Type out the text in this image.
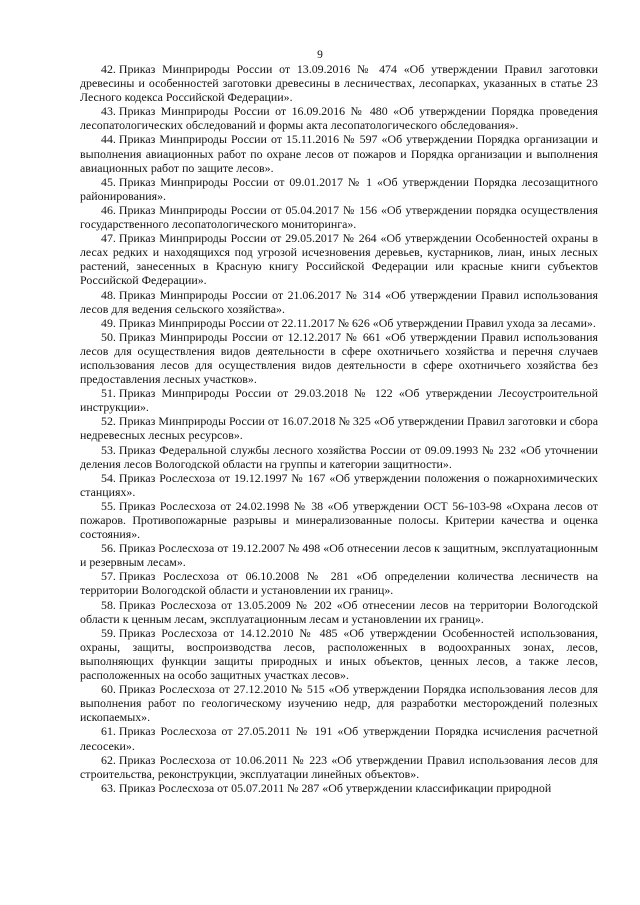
9

42. Приказ Минприроды России от 13.09.2016 № 474 «Об утверждении Правил заготовки древесины и особенностей заготовки древесины в лесничествах, лесопарках, указанных в статье 23 Лесного кодекса Российской Федерации».

43. Приказ Минприроды России от 16.09.2016 № 480 «Об утверждении Порядка проведения лесопатологических обследований и формы акта лесопатологического обследования».

44. Приказ Минприроды России от 15.11.2016 № 597 «Об утверждении Порядка организации и выполнения авиационных работ по охране лесов от пожаров и Порядка организации и выполнения авиационных работ по защите лесов».

45. Приказ Минприроды России от 09.01.2017 № 1 «Об утверждении Порядка лесозащитного районирования».

46. Приказ Минприроды России от 05.04.2017 № 156 «Об утверждении порядка осуществления государственного лесопатологического мониторинга».

47. Приказ Минприроды России от 29.05.2017 № 264 «Об утверждении Особенностей охраны в лесах редких и находящихся под угрозой исчезновения деревьев, кустарников, лиан, иных лесных растений, занесенных в Красную книгу Российской Федерации или красные книги субъектов Российской Федерации».

48. Приказ Минприроды России от 21.06.2017 № 314 «Об утверждении Правил использования лесов для ведения сельского хозяйства».

49. Приказ Минприроды России от 22.11.2017 № 626 «Об утверждении Правил ухода за лесами».

50. Приказ Минприроды России от 12.12.2017 № 661 «Об утверждении Правил использования лесов для осуществления видов деятельности в сфере охотничьего хозяйства и перечня случаев использования лесов для осуществления видов деятельности в сфере охотничьего хозяйства без предоставления лесных участков».

51. Приказ Минприроды России от 29.03.2018 № 122 «Об утверждении Лесоустроительной инструкции».

52. Приказ Минприроды России от 16.07.2018 № 325 «Об утверждении Правил заготовки и сбора недревесных лесных ресурсов».

53. Приказ Федеральной службы лесного хозяйства России от 09.09.1993 № 232 «Об уточнении деления лесов Вологодской области на группы и категории защитности».

54. Приказ Рослесхоза от 19.12.1997 № 167 «Об утверждении положения о пожарнохимических станциях».

55. Приказ Рослесхоза от 24.02.1998 № 38 «Об утверждении ОСТ 56-103-98 «Охрана лесов от пожаров. Противопожарные разрывы и минерализованные полосы. Критерии качества и оценка состояния».

56. Приказ Рослесхоза от 19.12.2007 № 498 «Об отнесении лесов к защитным, эксплуатационным и резервным лесам».

57. Приказ Рослесхоза от 06.10.2008 № 281 «Об определении количества лесничеств на территории Вологодской области и установлении их границ».

58. Приказ Рослесхоза от 13.05.2009 № 202 «Об отнесении лесов на территории Вологодской области к ценным лесам, эксплуатационным лесам и установлении их границ».

59. Приказ Рослесхоза от 14.12.2010 № 485 «Об утверждении Особенностей использования, охраны, защиты, воспроизводства лесов, расположенных в водоохранных зонах, лесов, выполняющих функции защиты природных и иных объектов, ценных лесов, а также лесов, расположенных на особо защитных участках лесов».

60. Приказ Рослесхоза от 27.12.2010 № 515 «Об утверждении Порядка использования лесов для выполнения работ по геологическому изучению недр, для разработки месторождений полезных ископаемых».

61. Приказ Рослесхоза от 27.05.2011 № 191 «Об утверждении Порядка исчисления расчетной лесосеки».

62. Приказ Рослесхоза от 10.06.2011 № 223 «Об утверждении Правил использования лесов для строительства, реконструкции, эксплуатации линейных объектов».

63. Приказ Рослесхоза от 05.07.2011 № 287 «Об утверждении классификации природной
